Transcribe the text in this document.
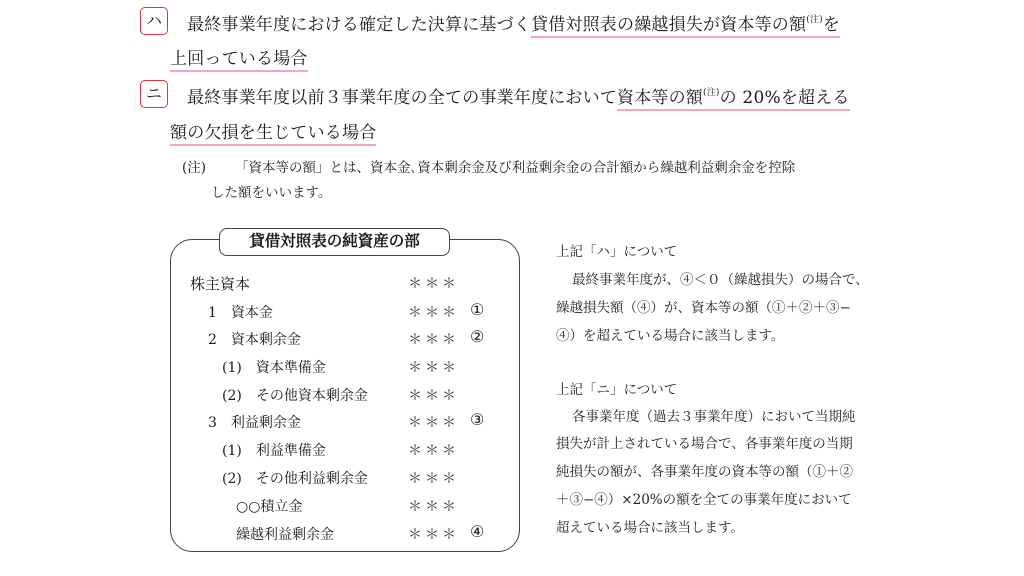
ハ	最終事業年度における確定した決算に基づく貸借対照表の繰越損失が資本等の額$^{(注)}$を
上回っている場合
ニ	最終事業年度以前３事業年度の全ての事業年度において資本等の額$^{(注)}$の 20%を超える
額の欠損を生じている場合
(注) 「資本等の額」とは、資本金､資本剰余金及び利益剰余金の合計額から繰越利益剰余金を控除
した額をいいます。
貸借対照表の純資産の部
株主資本	＊＊＊
1　資本金	＊＊＊ ①
2　資本剰余金	＊＊＊ ②
(1)　資本準備金	＊＊＊
(2)　その他資本剰余金	＊＊＊
3　利益剰余金	＊＊＊ ③
(1)　利益準備金	＊＊＊
(2)　その他利益剰余金	＊＊＊
○○積立金	＊＊＊
繰越利益剰余金	＊＊＊ ④
上記「ハ」について
最終事業年度が、④＜０（繰越損失）の場合で、
繰越損失額（④）が、資本等の額（①＋②＋③−
④）を超えている場合に該当します。
上記「ニ」について
各事業年度（過去３事業年度）において当期純
損失が計上されている場合で、各事業年度の当期
純損失の額が、各事業年度の資本等の額（①＋②
＋③−④）×20%の額を全ての事業年度において
超えている場合に該当します。
